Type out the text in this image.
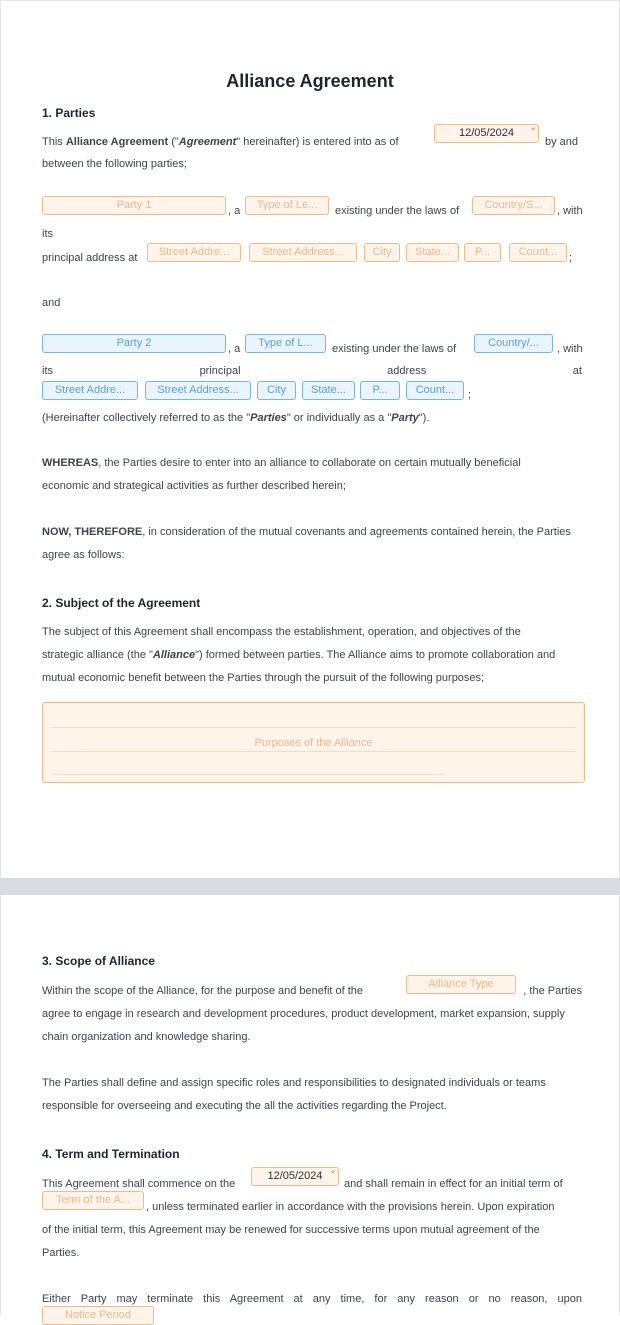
Alliance Agreement
1. Parties
This Alliance Agreement ("Agreement" hereinafter) is entered into as of
12/05/2024 *
by and
between the following parties;
Party 1	, a	Type of Le...	existing under the laws of	Country/S...	, with
its
principal address at	Street Addre...	Street Address...	City	State...	P...	Count...	;
and
Party 2	, a	Type of L...	existing under the laws of	Country/...	, with
its	principal	address	at
Street Addre...	Street Address...	City	State...	P...	Count...	;
(Hereinafter collectively referred to as the "Parties" or individually as a "Party").
WHEREAS, the Parties desire to enter into an alliance to collaborate on certain mutually beneficial
economic and strategical activities as further described herein;
NOW, THEREFORE, in consideration of the mutual covenants and agreements contained herein, the Parties
agree as follows:
2. Subject of the Agreement
The subject of this Agreement shall encompass the establishment, operation, and objectives of the
strategic alliance (the "Alliance") formed between parties. The Alliance aims to promote collaboration and
mutual economic benefit between the Parties through the pursuit of the following purposes;
Purposes of the Alliance
3. Scope of Alliance
Within the scope of the Alliance, for the purpose and benefit of the
Alliance Type
, the Parties
agree to engage in research and development procedures, product development, market expansion, supply
chain organization and knowledge sharing.
The Parties shall define and assign specific roles and responsibilities to designated individuals or teams
responsible for overseeing and executing the all the activities regarding the Project.
4. Term and Termination
This Agreement shall commence on the
12/05/2024 *
and shall remain in effect for an initial term of
Term of the A...
, unless terminated earlier in accordance with the provisions herein. Upon expiration
of the initial term, this Agreement may be renewed for successive terms upon mutual agreement of the
Parties.
Either Party may terminate this Agreement at any time, for any reason or no reason, upon
Notice Period
